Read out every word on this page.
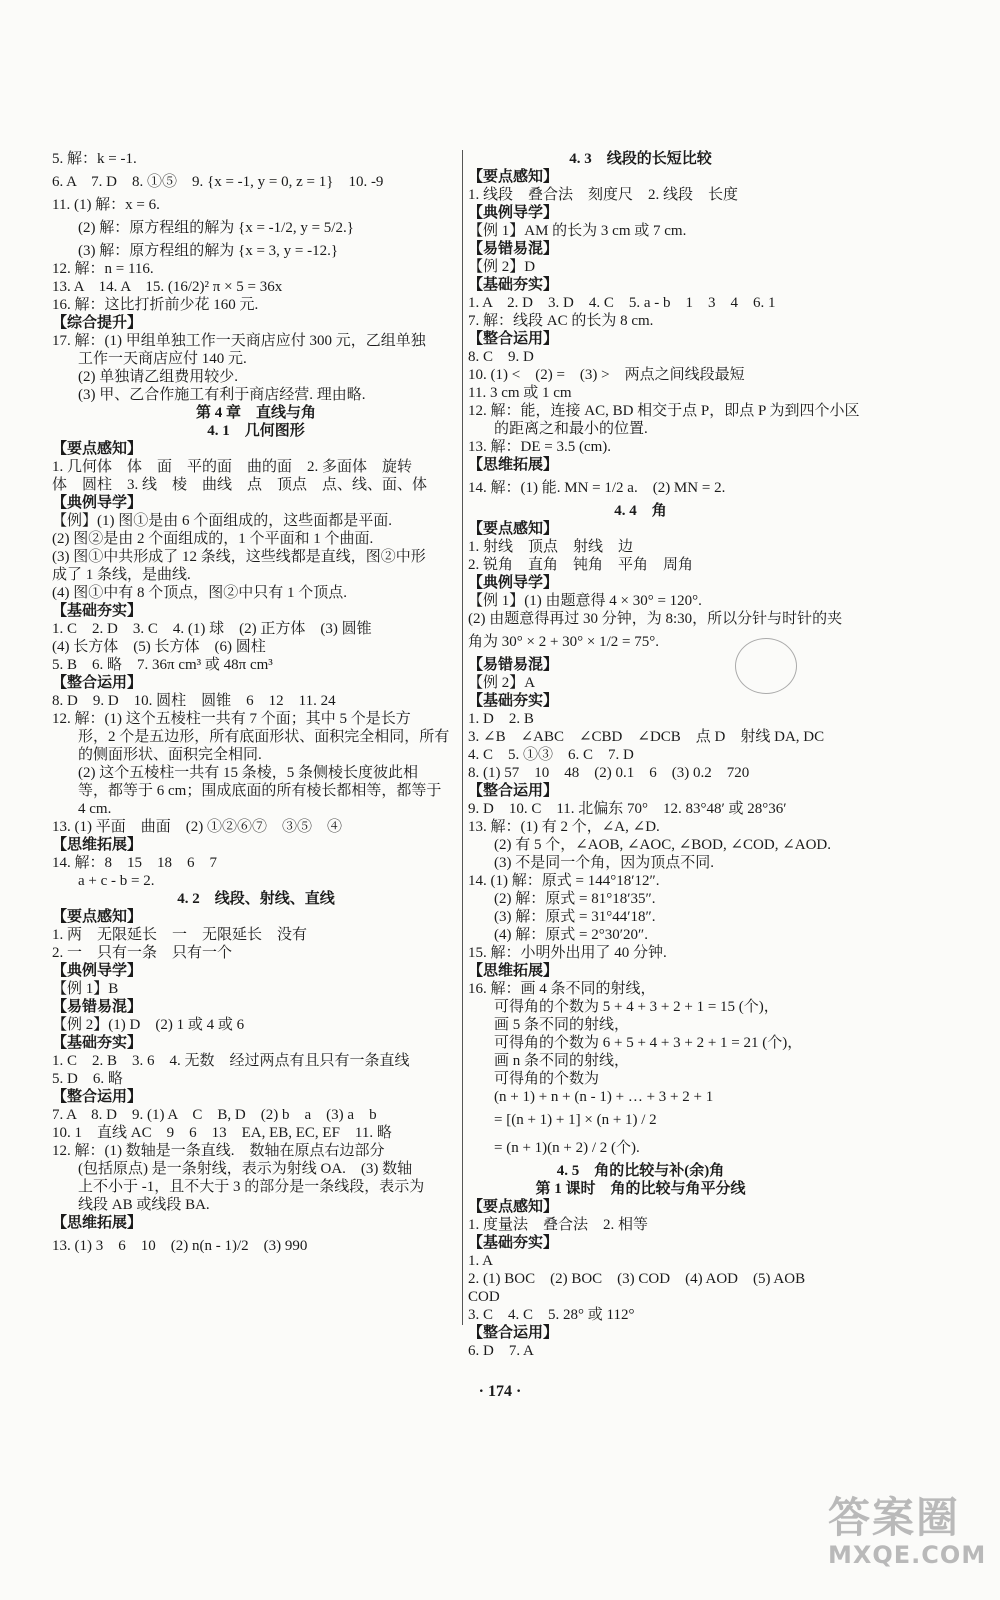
5. 解：k = -1.
6. A　7. D　8. ①⑤　9. {x = -1, y = 0, z = 1}　10. -9
11. (1) 解：x = 6.
(2) 解：原方程组的解为 {x = -1/2, y = 5/2.}
(3) 解：原方程组的解为 {x = 3, y = -12.}
12. 解：n = 116.
13. A　14. A　15. (16/2)² π × 5 = 36x
16. 解：这比打折前少花 160 元.
【综合提升】
17. 解：(1) 甲组单独工作一天商店应付 300 元，乙组单独
工作一天商店应付 140 元.
(2) 单独请乙组费用较少.
(3) 甲、乙合作施工有利于商店经营. 理由略.
第 4 章　直线与角
4. 1　几何图形
【要点感知】
1. 几何体　体　面　平的面　曲的面　2. 多面体　旋转
体　圆柱　3. 线　棱　曲线　点　顶点　点、线、面、体
【典例导学】
【例】(1) 图①是由 6 个面组成的，这些面都是平面.
(2) 图②是由 2 个面组成的，1 个平面和 1 个曲面.
(3) 图①中共形成了 12 条线，这些线都是直线，图②中形
成了 1 条线，是曲线.
(4) 图①中有 8 个顶点，图②中只有 1 个顶点.
【基础夯实】
1. C　2. D　3. C　4. (1) 球　(2) 正方体　(3) 圆锥
(4) 长方体　(5) 长方体　(6) 圆柱
5. B　6. 略　7. 36π cm³ 或 48π cm³
【整合运用】
8. D　9. D　10. 圆柱　圆锥　6　12　11. 24
12. 解：(1) 这个五棱柱一共有 7 个面；其中 5 个是长方
形，2 个是五边形，所有底面形状、面积完全相同，所有
的侧面形状、面积完全相同.
(2) 这个五棱柱一共有 15 条棱，5 条侧棱长度彼此相
等，都等于 6 cm；围成底面的所有棱长都相等，都等于
4 cm.
13. (1) 平面　曲面　(2) ①②⑥⑦　③⑤　④
【思维拓展】
14. 解：8　15　18　6　7
a + c - b = 2.
4. 2　线段、射线、直线
【要点感知】
1. 两　无限延长　一　无限延长　没有
2. 一　只有一条　只有一个
【典例导学】
【例 1】B
【易错易混】
【例 2】(1) D　(2) 1 或 4 或 6
【基础夯实】
1. C　2. B　3. 6　4. 无数　经过两点有且只有一条直线
5. D　6. 略
【整合运用】
7. A　8. D　9. (1) A　C　B, D　(2) b　a　(3) a　b
10. 1　直线 AC　9　6　13　EA, EB, EC, EF　11. 略
12. 解：(1) 数轴是一条直线.　数轴在原点右边部分
(包括原点) 是一条射线，表示为射线 OA.　(3) 数轴
上不小于 -1，且不大于 3 的部分是一条线段，表示为
线段 AB 或线段 BA.
【思维拓展】
13. (1) 3　6　10　(2) n(n - 1)/2　(3) 990
4. 3　线段的长短比较
【要点感知】
1. 线段　叠合法　刻度尺　2. 线段　长度
【典例导学】
【例 1】AM 的长为 3 cm 或 7 cm.
【易错易混】
【例 2】D
【基础夯实】
1. A　2. D　3. D　4. C　5. a - b　1　3　4　6. 1
7. 解：线段 AC 的长为 8 cm.
【整合运用】
8. C　9. D
10. (1) <　(2) =　(3) >　两点之间线段最短
11. 3 cm 或 1 cm
12. 解：能，连接 AC, BD 相交于点 P，即点 P 为到四个小区
的距离之和最小的位置.
13. 解：DE = 3.5 (cm).
【思维拓展】
14. 解：(1) 能. MN = 1/2 a.　(2) MN = 2.
4. 4　角
【要点感知】
1. 射线　顶点　射线　边
2. 锐角　直角　钝角　平角　周角
【典例导学】
【例 1】(1) 由题意得 4 × 30° = 120°.
(2) 由题意得再过 30 分钟，为 8:30，所以分针与时针的夹
角为 30° × 2 + 30° × 1/2 = 75°.
【易错易混】
【例 2】A
【基础夯实】
1. D　2. B
3. ∠B　∠ABC　∠CBD　∠DCB　点 D　射线 DA, DC
4. C　5. ①③　6. C　7. D
8. (1) 57　10　48　(2) 0.1　6　(3) 0.2　720
【整合运用】
9. D　10. C　11. 北偏东 70°　12. 83°48′ 或 28°36′
13. 解：(1) 有 2 个，∠A, ∠D.
(2) 有 5 个，∠AOB, ∠AOC, ∠BOD, ∠COD, ∠AOD.
(3) 不是同一个角，因为顶点不同.
14. (1) 解：原式 = 144°18′12″.
(2) 解：原式 = 81°18′35″.
(3) 解：原式 = 31°44′18″.
(4) 解：原式 = 2°30′20″.
15. 解：小明外出用了 40 分钟.
【思维拓展】
16. 解：画 4 条不同的射线，
可得角的个数为 5 + 4 + 3 + 2 + 1 = 15 (个)，
画 5 条不同的射线，
可得角的个数为 6 + 5 + 4 + 3 + 2 + 1 = 21 (个)，
画 n 条不同的射线，
可得角的个数为
(n + 1) + n + (n - 1) + … + 3 + 2 + 1
= [(n + 1) + 1] × (n + 1) / 2
= (n + 1)(n + 2) / 2 (个).
4. 5　角的比较与补(余)角
第 1 课时　角的比较与角平分线
【要点感知】
1. 度量法　叠合法　2. 相等
【基础夯实】
1. A
2. (1) BOC　(2) BOC　(3) COD　(4) AOD　(5) AOB
COD
3. C　4. C　5. 28° 或 112°
【整合运用】
6. D　7. A
· 174 ·
答案圈
MXQE.COM
